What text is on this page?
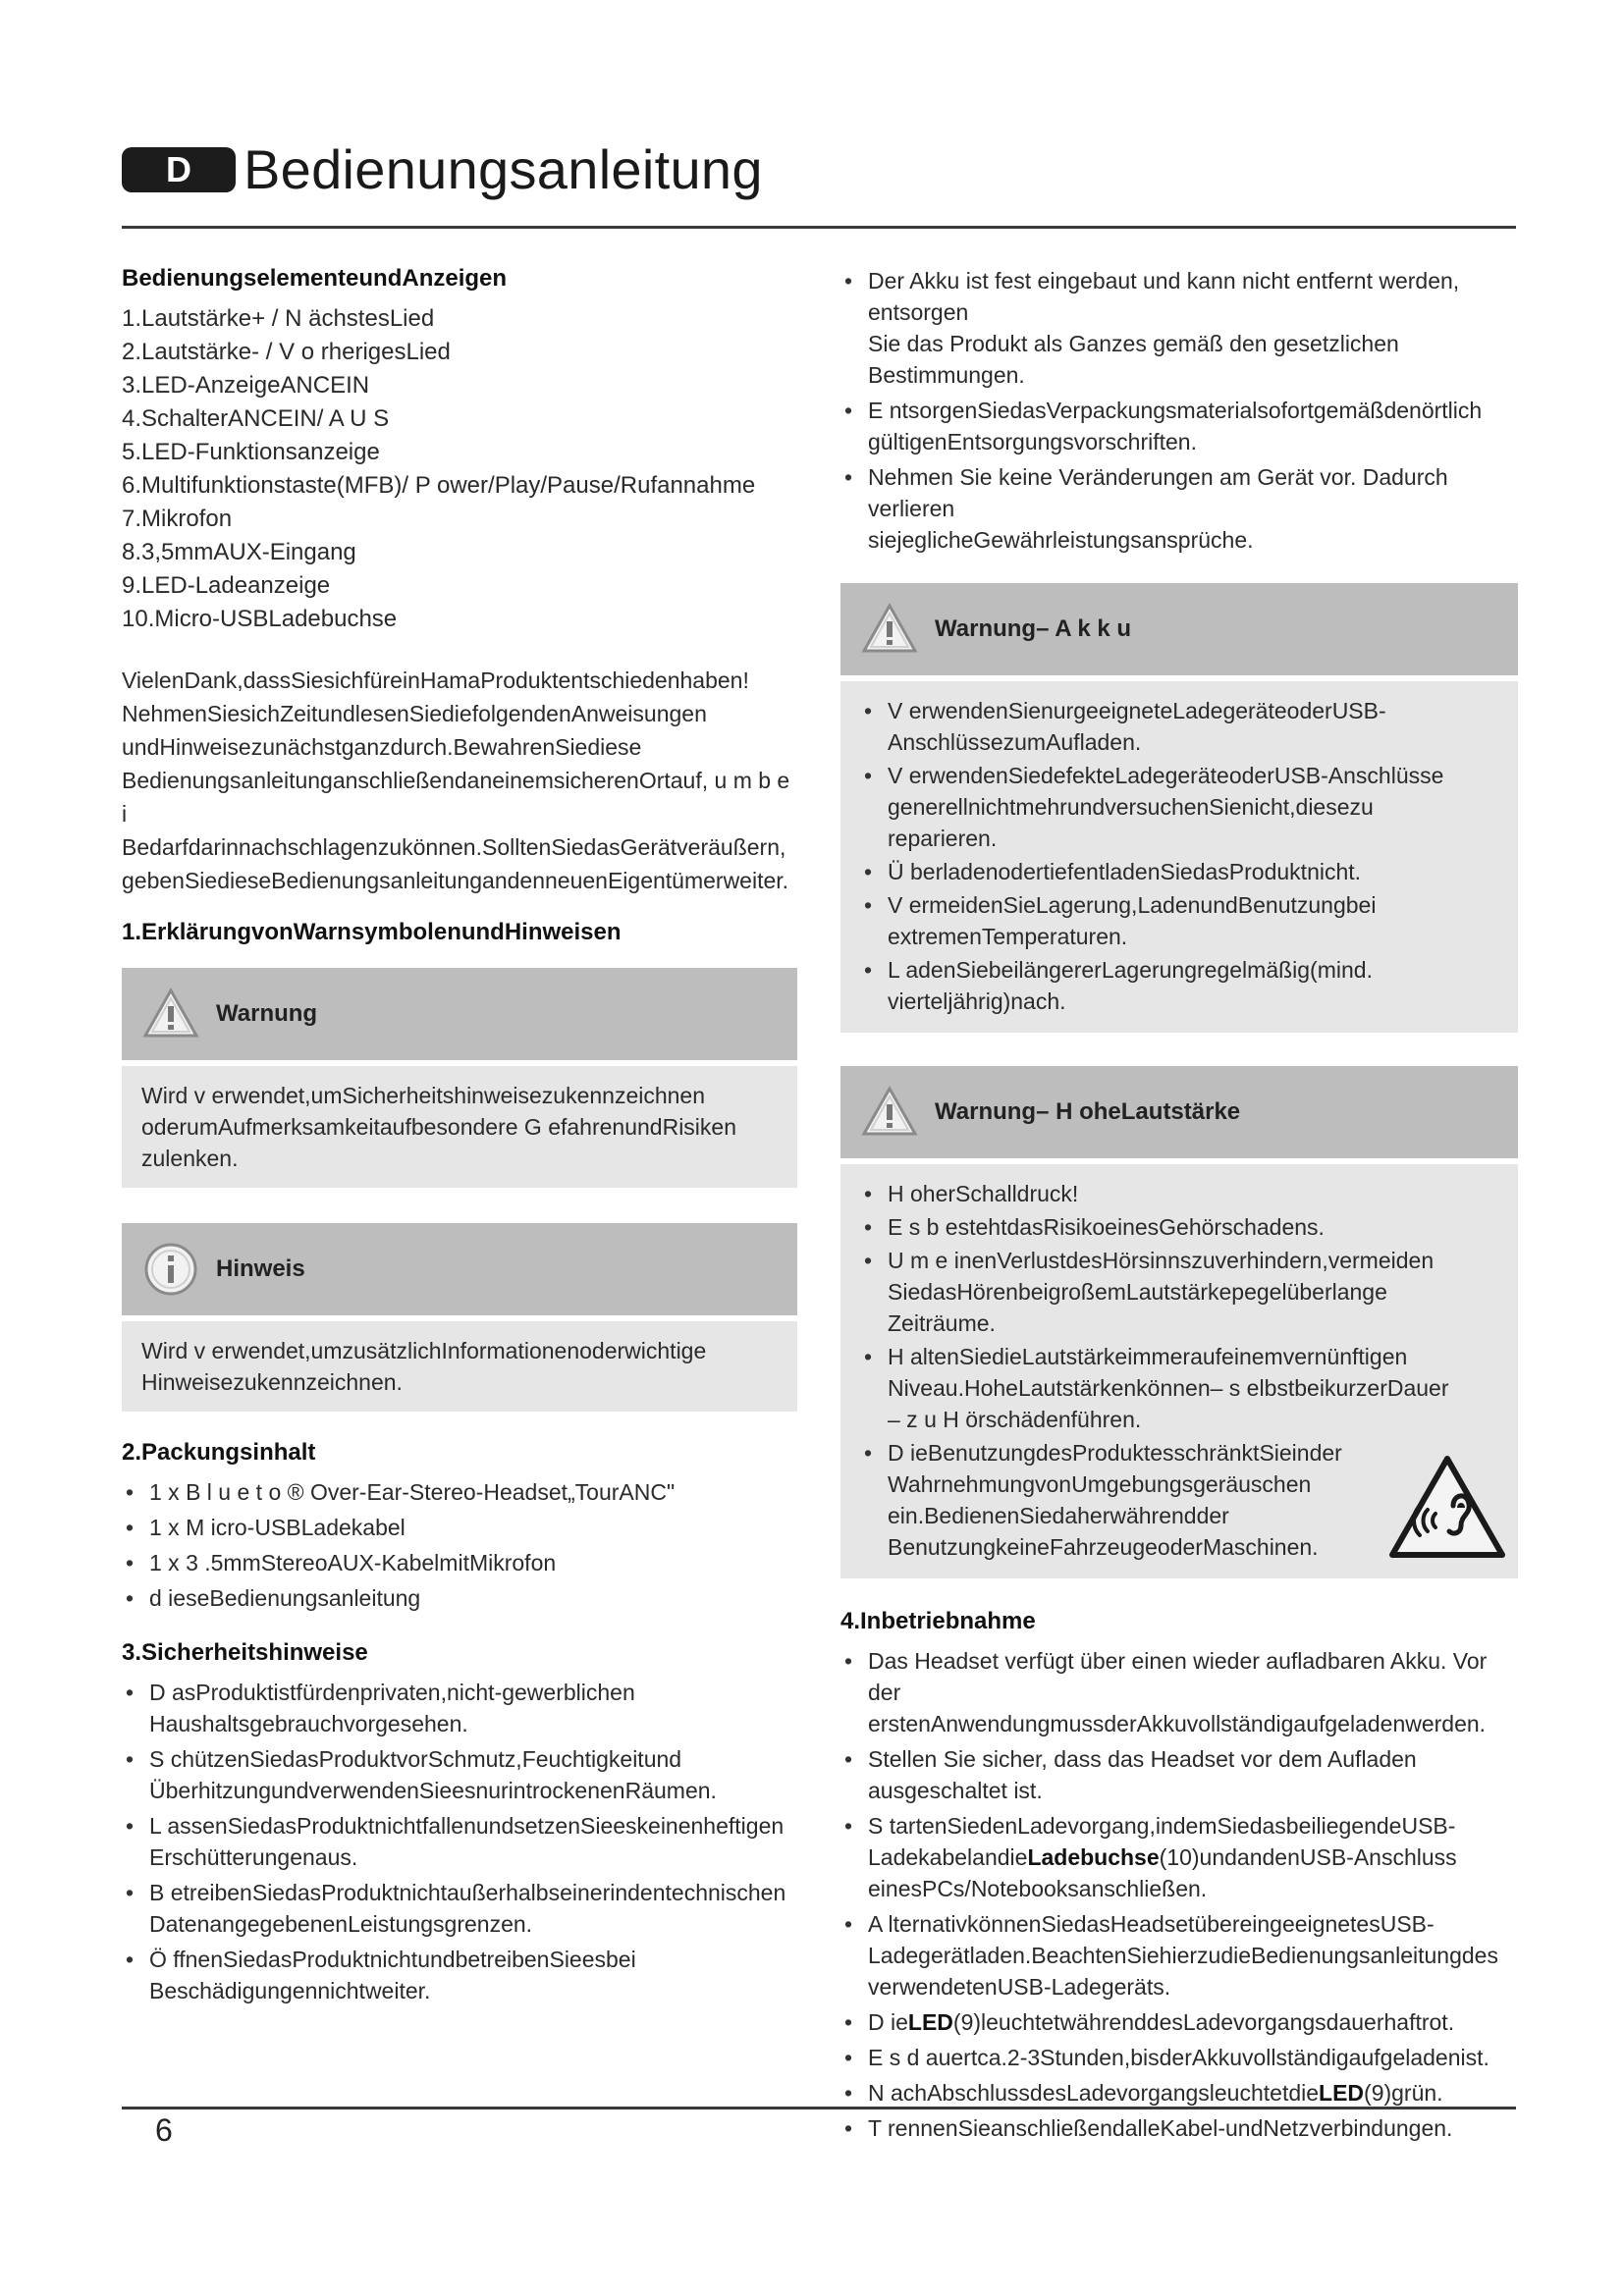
D Bedienungsanleitung
BedienungselementeundAnzeigen
1.Lautstärke+ / N ächstesLied
2.Lautstärke- / V o rherigesLied
3.LED-AnzeigeANCEIN
4.SchalterANCEIN/ A U S
5.LED-Funktionsanzeige
6.Multifunktionstaste(MFB)/ P ower/Play/Pause/Rufannahme
7.Mikrofon
8.3,5mmAUX-Eingang
9.LED-Ladeanzeige
10.Micro-USBLadebuchse

VielenDank,dassSiesichfüreinHamaProduktentschiedenhaben!
NehmenSiesichZeitundlesenSiediefolgendenAnweisungen
undHinweisezunächstganzdurch.BewahrenSiediese
BedienungsanleitunganschließendaneinemsicherenOrtauf, u m b e i
Bedarfdarinnachschlagenzukönnen.SolltenSiedasGerätveräußern,
gebenSiedieseBedienungsanleitungandenneuenEigentümerweiter.

1.ErklärungvonWarnsymbolenundHinweisen
Warnung
Wird v erwendet,umSicherheitshinweisezukennzeichnen
oderumAufmerksamkeitaufbesondere G efahrenundRisiken
zulenken.
Hinweis
Wird v erwendet,umzusätzlichInformationenoderwichtige
Hinweisezukennzeichnen.
2.Packungsinhalt
• 1 x B l u e t o ® Over-Ear-Stereo-Headset„TourANC"
• 1 x M icro-USBLadekabel
• 1 x 3 .5mmStereoAUX-KabelmitMikrofon
• d ieseBedienungsanleitung
3.Sicherheitshinweise
• D asProduktistfürdenprivaten,nicht-gewerblichen
Haushaltsgebrauchvorgesehen.
• S chützenSiedasProduktvorSchmutz,Feuchtigkeitund
ÜberhitzungundverwendenSieesnurintrockenenRäumen.
• L assenSiedasProduktnichtfallenundsetzenSieeskeinenheftigen
Erschütterungenaus.
• B etreibenSiedasProduktnichtaußerhalbseinerindentechnischen
DatenangegebenenLeistungsgrenzen.
• Ö ffnenSiedasProduktnichtundbetreibenSieesbei
Beschädigungennichtweiter.
• Der Akku ist fest eingebaut und kann nicht entfernt werden, entsorgen
Sie das Produkt als Ganzes gemäß den gesetzlichen Bestimmungen.
• E ntsorgenSiedasVerpackungsmaterialsofortgemäßdenörtlich
gültigenEntsorgungsvorschriften.
• Nehmen Sie keine Veränderungen am Gerät vor. Dadurch verlieren
siejeglicheGewährleistungsansprüche.
Warnung– A k k u
• V erwendenSienurgeeigneteLadegeräteoderUSB-
AnschlüssezumAufladen.
• V erwendenSiedefekteLadegeräteoderUSB-Anschlüsse
generellnichtmehrundversuchenSienicht,diesezu
reparieren.
• Ü berladenodertiefentladenSiedasProduktnicht.
• V ermeidenSieLagerung,LadenundBenutzungbei
extremenTemperaturen.
• L adenSiebeilängererLagerungregelmäßig(mind.
vierteljährig)nach.
Warnung– H oheLautstärke
• H oherSchalldruck!
• E s b estehtdasRisikoeinesGehörschadens.
• U m e inenVerlustdesHörsinnszuverhindern,vermeiden
SiedasHörenbeigroßemLautstärkepegelüberlange
Zeiträume.
• H altenSiedieLautstärkeimmeraufeinemvernünftigen
Niveau.HoheLautstärkenkönnen– s elbstbeikurzerDauer
– z u H örschädenführen.
• D ieBenutzungdesProduktesschränktSieinder
WahrnehmungvonUmgebungsgeräuschen
ein.BedienenSiedaherwährendder
BenutzungkeineFahrzeugeoderMaschinen.
4.Inbetriebnahme
• Das Headset verfügt über einen wieder aufladbaren Akku. Vor der
erstenAnwendungmussderAkkuvollständigaufgeladenwerden.
• Stellen Sie sicher, dass das Headset vor dem Aufladen ausgeschaltet ist.
• S tartenSiedenLadevorgang,indemSiedasbeiliegendeUSB-
LadekabelandieLadebuchse(10)undandenUSB-Anschluss
einesPCs/Notebooksanschließen.
• A lternativkönnenSiedasHeadsetübereingeeignetesUSB-
Ladegerätladen.BeachtenSiehierzudieBedienungsanleitungdes
verwendetenUSB-Ladegeräts.
• D ieLED(9)leuchtetwährenddesLadevorgangsdauerhaftrot.
• E s d auertca.2-3Stunden,bisderAkkuvollständigaufgeladenist.
• N achAbschlussdesLadevorgangsleuchtetdieLED(9)grün.
• T rennenSieanschließendalleKabel-undNetzverbindungen.
6
